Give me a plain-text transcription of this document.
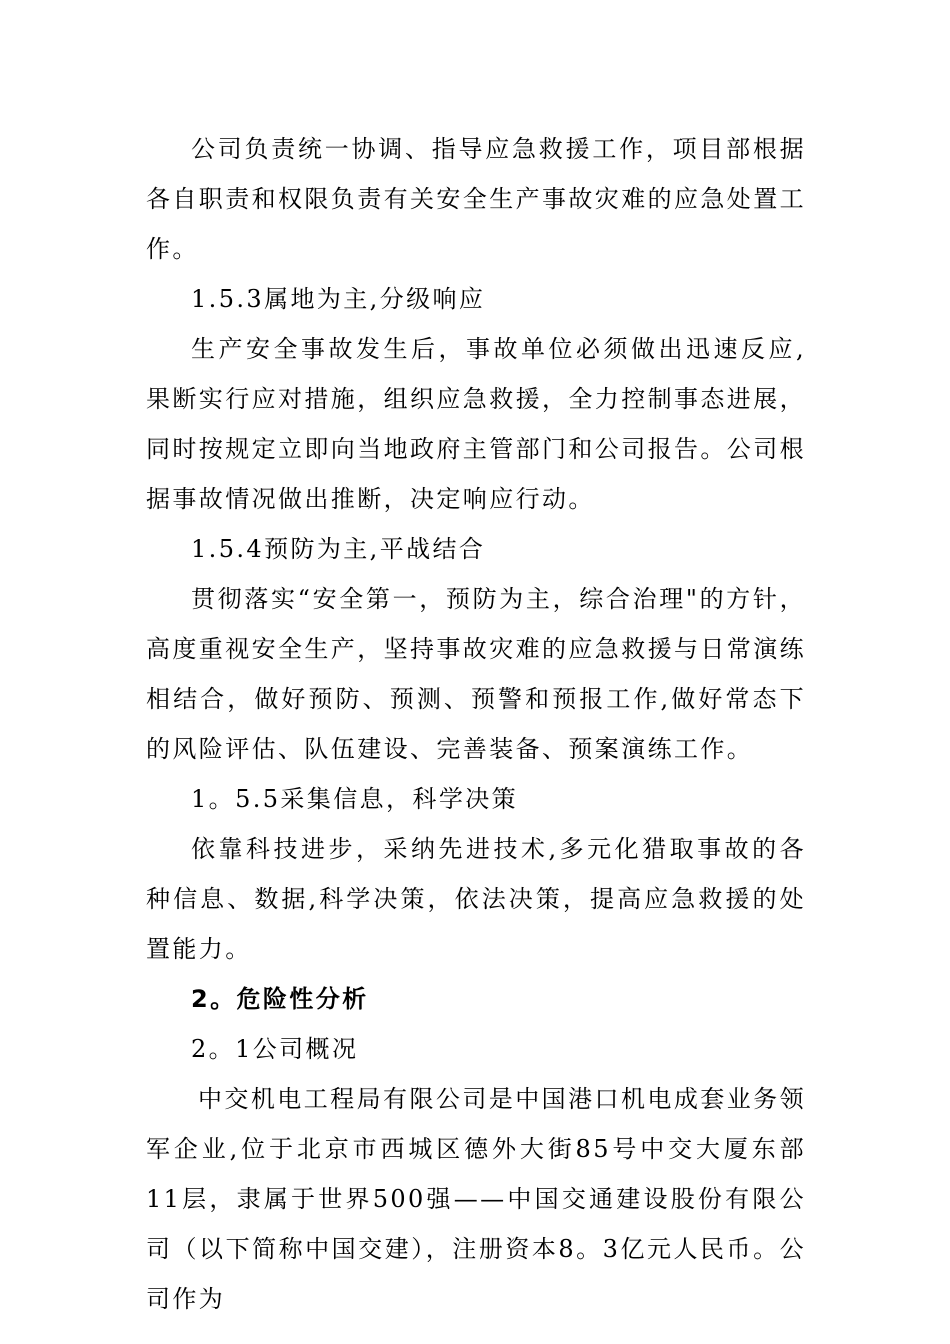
公司负责统一协调、指导应急救援工作，项目部根据各自职责和权限负责有关安全生产事故灾难的应急处置工作。

1.5.3属地为主,分级响应

生产安全事故发生后，事故单位必须做出迅速反应,果断实行应对措施，组织应急救援，全力控制事态进展，同时按规定立即向当地政府主管部门和公司报告。公司根据事故情况做出推断，决定响应行动。

1.5.4预防为主,平战结合

贯彻落实“安全第一，预防为主，综合治理"的方针，高度重视安全生产，坚持事故灾难的应急救援与日常演练相结合，做好预防、预测、预警和预报工作,做好常态下的风险评估、队伍建设、完善装备、预案演练工作。

1。5.5采集信息，科学决策

依靠科技进步，采纳先进技术,多元化猎取事故的各种信息、数据,科学决策，依法决策，提高应急救援的处置能力。

2。危险性分析

2。1公司概况

中交机电工程局有限公司是中国港口机电成套业务领军企业,位于北京市西城区德外大街85号中交大厦东部11层，隶属于世界500强——中国交通建设股份有限公司（以下简称中国交建），注册资本8。3亿元人民币。公司作为
